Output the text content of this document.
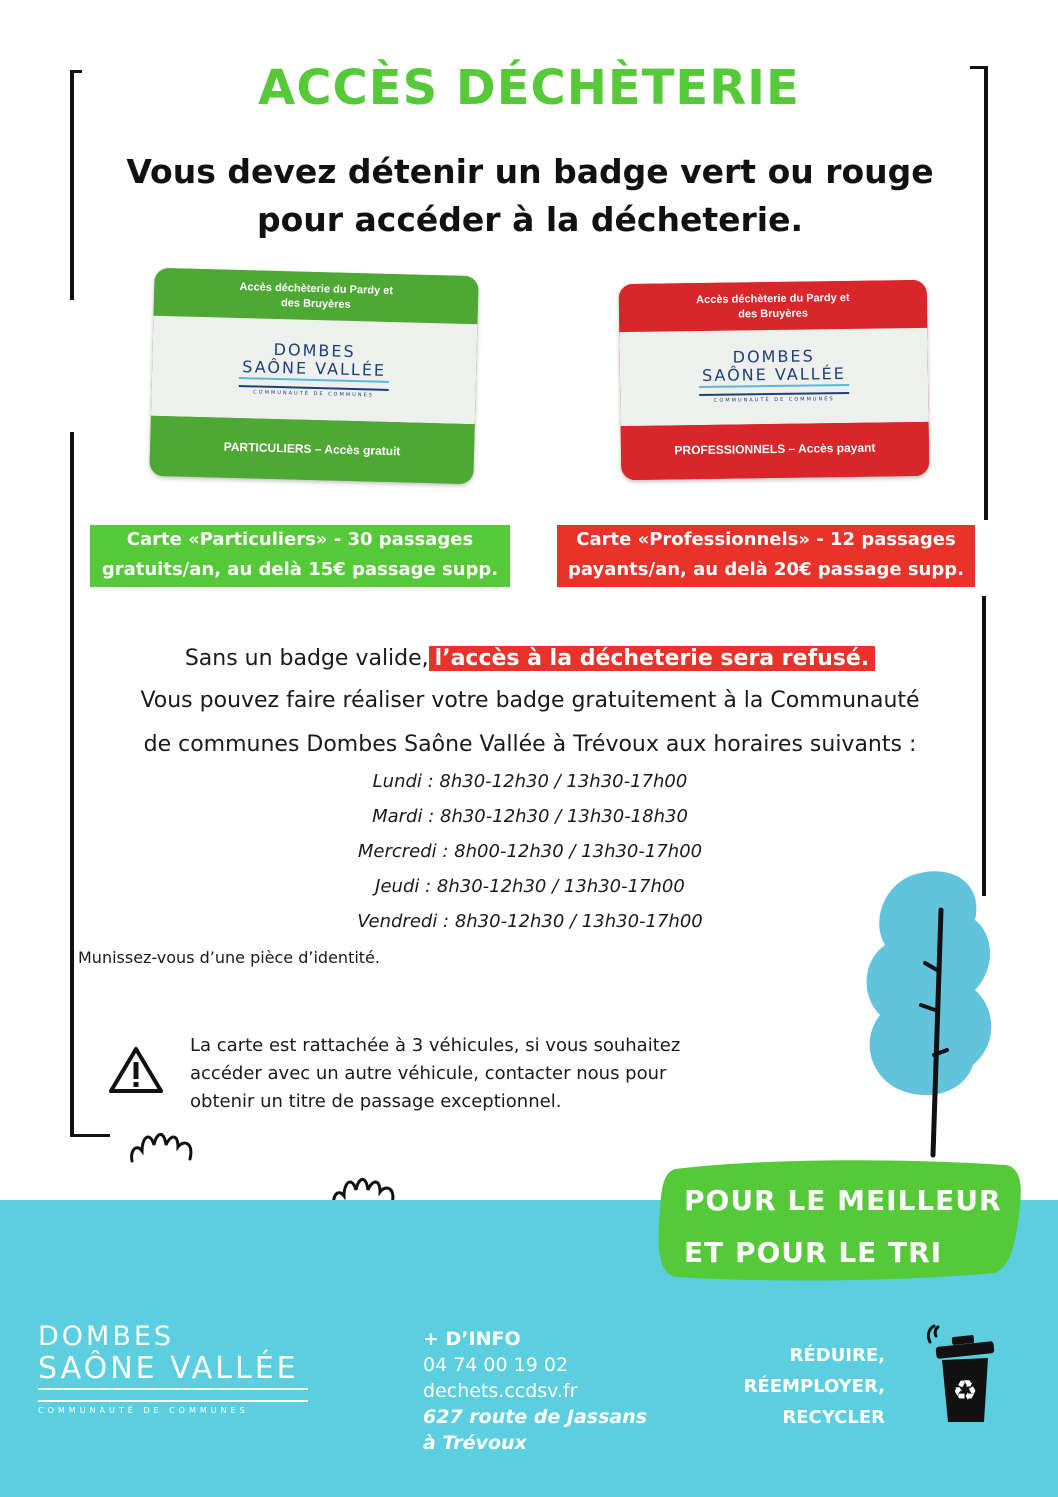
ACCÈS DÉCHÈTERIE
Vous devez détenir un badge vert ou rouge pour accéder à la décheterie.
Accès déchèterie du Pardy et des Bruyères
DOMBES
SAÔNE VALLÉE
COMMUNAUTÉ DE COMMUNES
PARTICULIERS – Accès gratuit
Accès déchèterie du Pardy et des Bruyères
DOMBES
SAÔNE VALLÉE
COMMUNAUTÉ DE COMMUNES
PROFESSIONNELS – Accès payant
Carte «Particuliers» - 30 passages
gratuits/an, au delà 15€ passage supp.
Carte «Professionnels» - 12 passages
payants/an, au delà 20€ passage supp.
Sans un badge valide, l’accès à la décheterie sera refusé.
Vous pouvez faire réaliser votre badge gratuitement à la Communauté
de communes Dombes Saône Vallée à Trévoux aux horaires suivants :
Lundi : 8h30-12h30 / 13h30-17h00
Mardi : 8h30-12h30 / 13h30-18h30
Mercredi : 8h00-12h30 / 13h30-17h00
Jeudi : 8h30-12h30 / 13h30-17h00
Vendredi : 8h30-12h30 / 13h30-17h00
Munissez-vous d’une pièce d’identité.
La carte est rattachée à 3 véhicules, si vous souhaitez
accéder avec un autre véhicule, contacter nous pour
obtenir un titre de passage exceptionnel.
POUR LE MEILLEUR
ET POUR LE TRI
DOMBES
SAÔNE VALLÉE
COMMUNAUTÉ DE COMMUNES
+ D’INFO
04 74 00 19 02
dechets.ccdsv.fr
627 route de Jassans
à Trévoux
RÉDUIRE,
RÉEMPLOYER,
RECYCLER
♻
